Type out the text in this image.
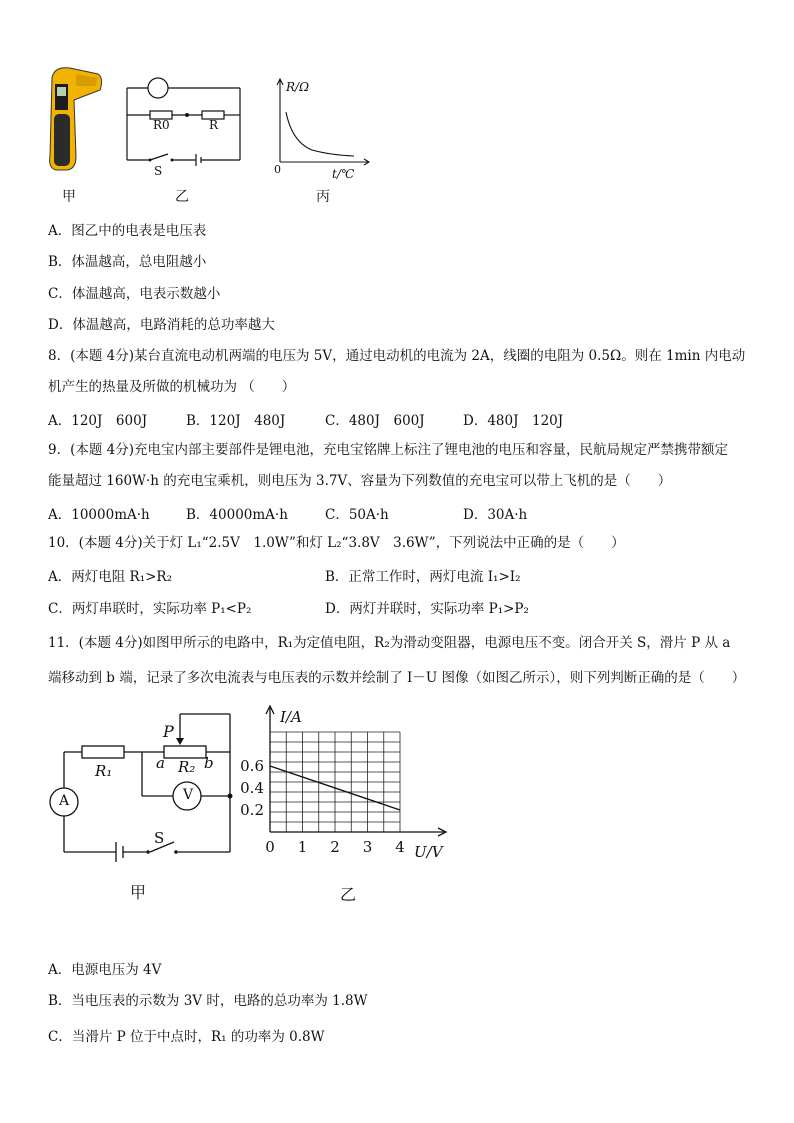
甲
R0	R
S
乙
R/Ω
t/℃
0
丙
A．图乙中的电表是电压表
B．体温越高，总电阻越小
C．体温越高，电表示数越小
D．体温越高，电路消耗的总功率越大
8．(本题 4分)某台直流电动机两端的电压为 5V，通过电动机的电流为 2A，线圈的电阻为 0.5Ω。则在 1min 内电动
机产生的热量及所做的机械功为 （　　）
A．120J　600J	B．120J　480J	C．480J　600J	D．480J　120J
9．(本题 4分)充电宝内部主要部件是锂电池，充电宝铭牌上标注了锂电池的电压和容量，民航局规定严禁携带额定
能量超过 160W·h 的充电宝乘机，则电压为 3.7V、容量为下列数值的充电宝可以带上飞机的是（　　）
A．10000mA·h	B．40000mA·h	C．50A·h	D．30A·h
10．(本题 4分)关于灯 L₁“2.5V　1.0W”和灯 L₂“3.8V　3.6W”，下列说法中正确的是（　　）
A．两灯电阻 R₁>R₂	B．正常工作时，两灯电流 I₁>I₂
C．两灯串联时，实际功率 P₁<P₂	D．两灯并联时，实际功率 P₁>P₂
11．(本题 4分)如图甲所示的电路中，R₁为定值电阻，R₂为滑动变阻器，电源电压不变。闭合开关 S，滑片 P 从 a
端移动到 b 端，记录了多次电流表与电压表的示数并绘制了 I－U 图像（如图乙所示），则下列判断正确的是（　　）
R₁	R₂
P
a	b
A	V
S
甲
0 1 2 3 4
0.2
0.4
0.6
U/V
I/A
乙
A．电源电压为 4V
B．当电压表的示数为 3V 时，电路的总功率为 1.8W
C．当滑片 P 位于中点时，R₁ 的功率为 0.8W
